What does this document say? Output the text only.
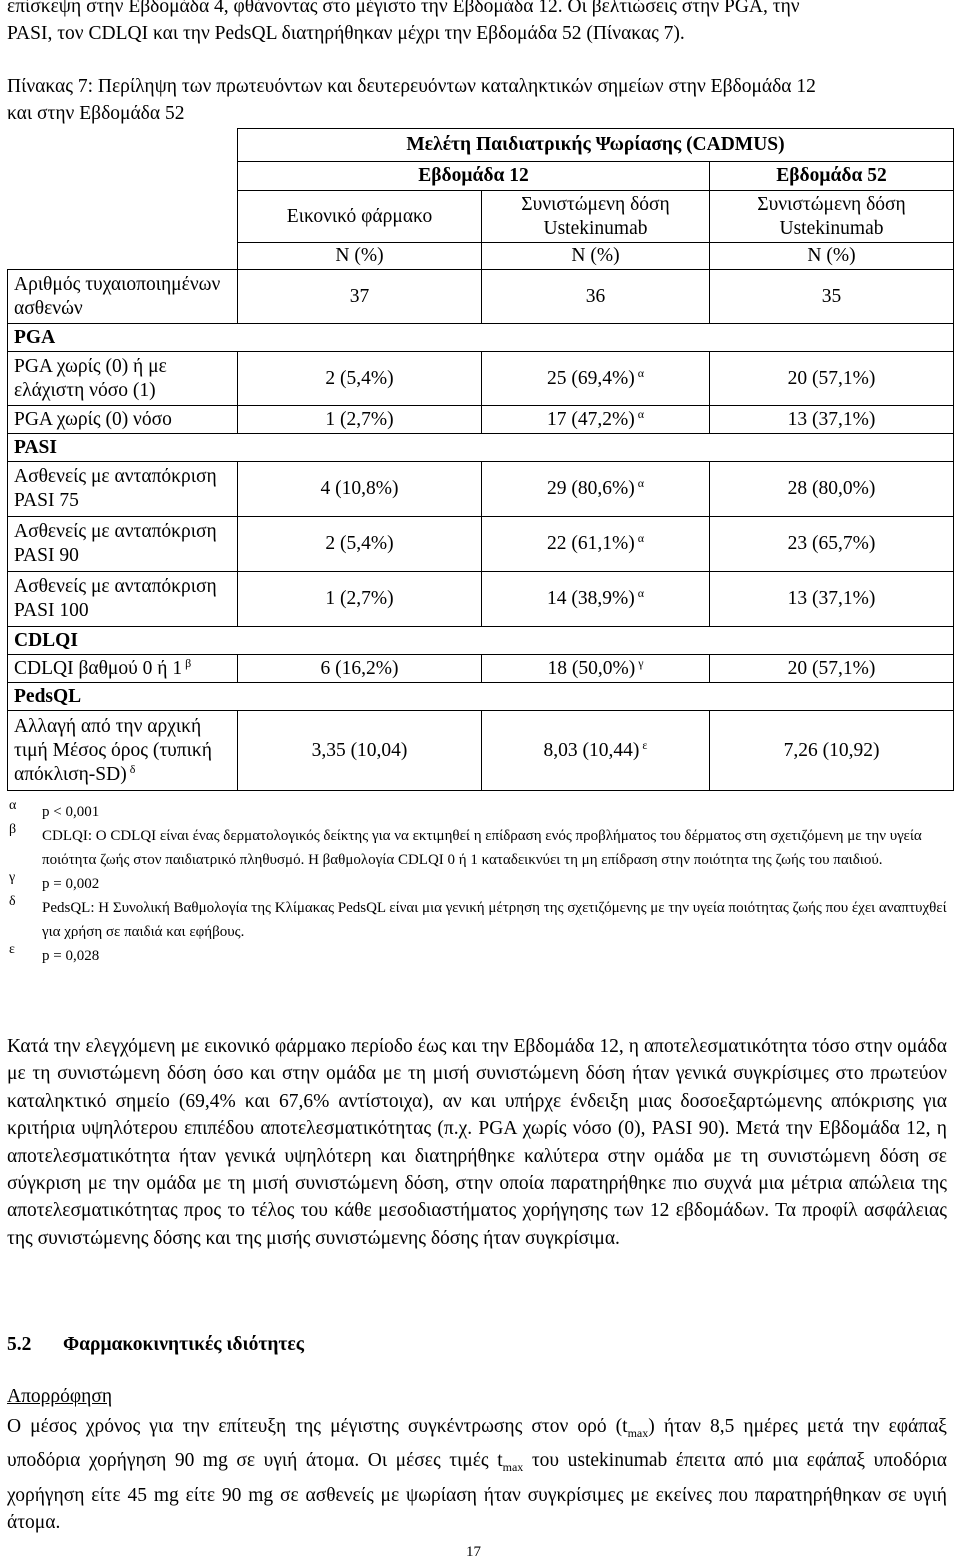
επίσκεψη στην Εβδομάδα 4, φθάνοντας στο μέγιστο την Εβδομάδα 12. Οι βελτιώσεις στην PGA, την
PASI, τον CDLQI και την PedsQL διατηρήθηκαν μέχρι την Εβδομάδα 52 (Πίνακας 7).
Πίνακας 7: Περίληψη των πρωτευόντων και δευτερευόντων καταληκτικών σημείων στην Εβδομάδα 12
και στην Εβδομάδα 52
	Μελέτη Παιδιατρικής Ψωρίασης (CADMUS)		
	Εβδομάδα 12		Εβδομάδα 52
	Εικονικό φάρμακο	Συνιστώμενη δόση Ustekinumab	Συνιστώμενη δόση Ustekinumab
	N (%)	N (%)	N (%)
Αριθμός τυχαιοποιημένων ασθενών	37	36	35
PGA			
PGA χωρίς (0) ή με ελάχιστη νόσο (1)	2 (5,4%)	25 (69,4%) $^\alpha$	20 (57,1%)
PGA χωρίς (0) νόσο	1 (2,7%)	17 (47,2%) $^\alpha$	13 (37,1%)
PASI			
Ασθενείς με ανταπόκριση PASI 75	4 (10,8%)	29 (80,6%) $^\alpha$	28 (80,0%)
Ασθενείς με ανταπόκριση PASI 90	2 (5,4%)	22 (61,1%) $^\alpha$	23 (65,7%)
Ασθενείς με ανταπόκριση PASI 100	1 (2,7%)	14 (38,9%) $^\alpha$	13 (37,1%)
CDLQI			
CDLQI βαθμού 0 ή 1 $^\beta$	6 (16,2%)	18 (50,0%) $^\gamma$	20 (57,1%)
PedsQL			
Αλλαγή από την αρχική τιμή Μέσος όρος (τυπική απόκλιση-SD) $^\delta$	3,35 (10,04)	8,03 (10,44) $^\varepsilon$	7,26 (10,92)
α p < 0,001
β CDLQI: Ο CDLQI είναι ένας δερματολογικός δείκτης για να εκτιμηθεί η επίδραση ενός προβλήματος του δέρματος στη σχετιζόμενη με την υγεία ποιότητα ζωής στον παιδιατρικό πληθυσμό. Η βαθμολογία CDLQI 0 ή 1 καταδεικνύει τη μη επίδραση στην ποιότητα της ζωής του παιδιού.
γ p = 0,002
δ PedsQL: Η Συνολική Βαθμολογία της Κλίμακας PedsQL είναι μια γενική μέτρηση της σχετιζόμενης με την υγεία ποιότητας ζωής που έχει αναπτυχθεί για χρήση σε παιδιά και εφήβους.
ε p = 0,028
Κατά την ελεγχόμενη με εικονικό φάρμακο περίοδο έως και την Εβδομάδα 12, η αποτελεσματικότητα τόσο στην ομάδα με τη συνιστώμενη δόση όσο και στην ομάδα με τη μισή συνιστώμενη δόση ήταν γενικά συγκρίσιμες στο πρωτεύον καταληκτικό σημείο (69,4% και 67,6% αντίστοιχα), αν και υπήρχε ένδειξη μιας δοσοεξαρτώμενης απόκρισης για κριτήρια υψηλότερου επιπέδου αποτελεσματικότητας (π.χ. PGA χωρίς νόσο (0), PASI 90). Μετά την Εβδομάδα 12, η αποτελεσματικότητα ήταν γενικά υψηλότερη και διατηρήθηκε καλύτερα στην ομάδα με τη συνιστώμενη δόση σε σύγκριση με την ομάδα με τη μισή συνιστώμενη δόση, στην οποία παρατηρήθηκε πιο συχνά μια μέτρια απώλεια της αποτελεσματικότητας προς το τέλος του κάθε μεσοδιαστήματος χορήγησης των 12 εβδομάδων. Τα προφίλ ασφάλειας της συνιστώμενης δόσης και της μισής συνιστώμενης δόσης ήταν συγκρίσιμα.
5.2 Φαρμακοκινητικές ιδιότητες
Απορρόφηση
Ο μέσος χρόνος για την επίτευξη της μέγιστης συγκέντρωσης στον ορό $(t_{max})$ ήταν 8,5 ημέρες μετά την εφάπαξ υποδόρια χορήγηση 90 mg σε υγιή άτομα. Οι μέσες τιμές $t_{max}$ του ustekinumab έπειτα από μια εφάπαξ υποδόρια χορήγηση είτε 45 mg είτε 90 mg σε ασθενείς με ψωρίαση ήταν συγκρίσιμες με εκείνες που παρατηρήθηκαν σε υγιή άτομα.
17
